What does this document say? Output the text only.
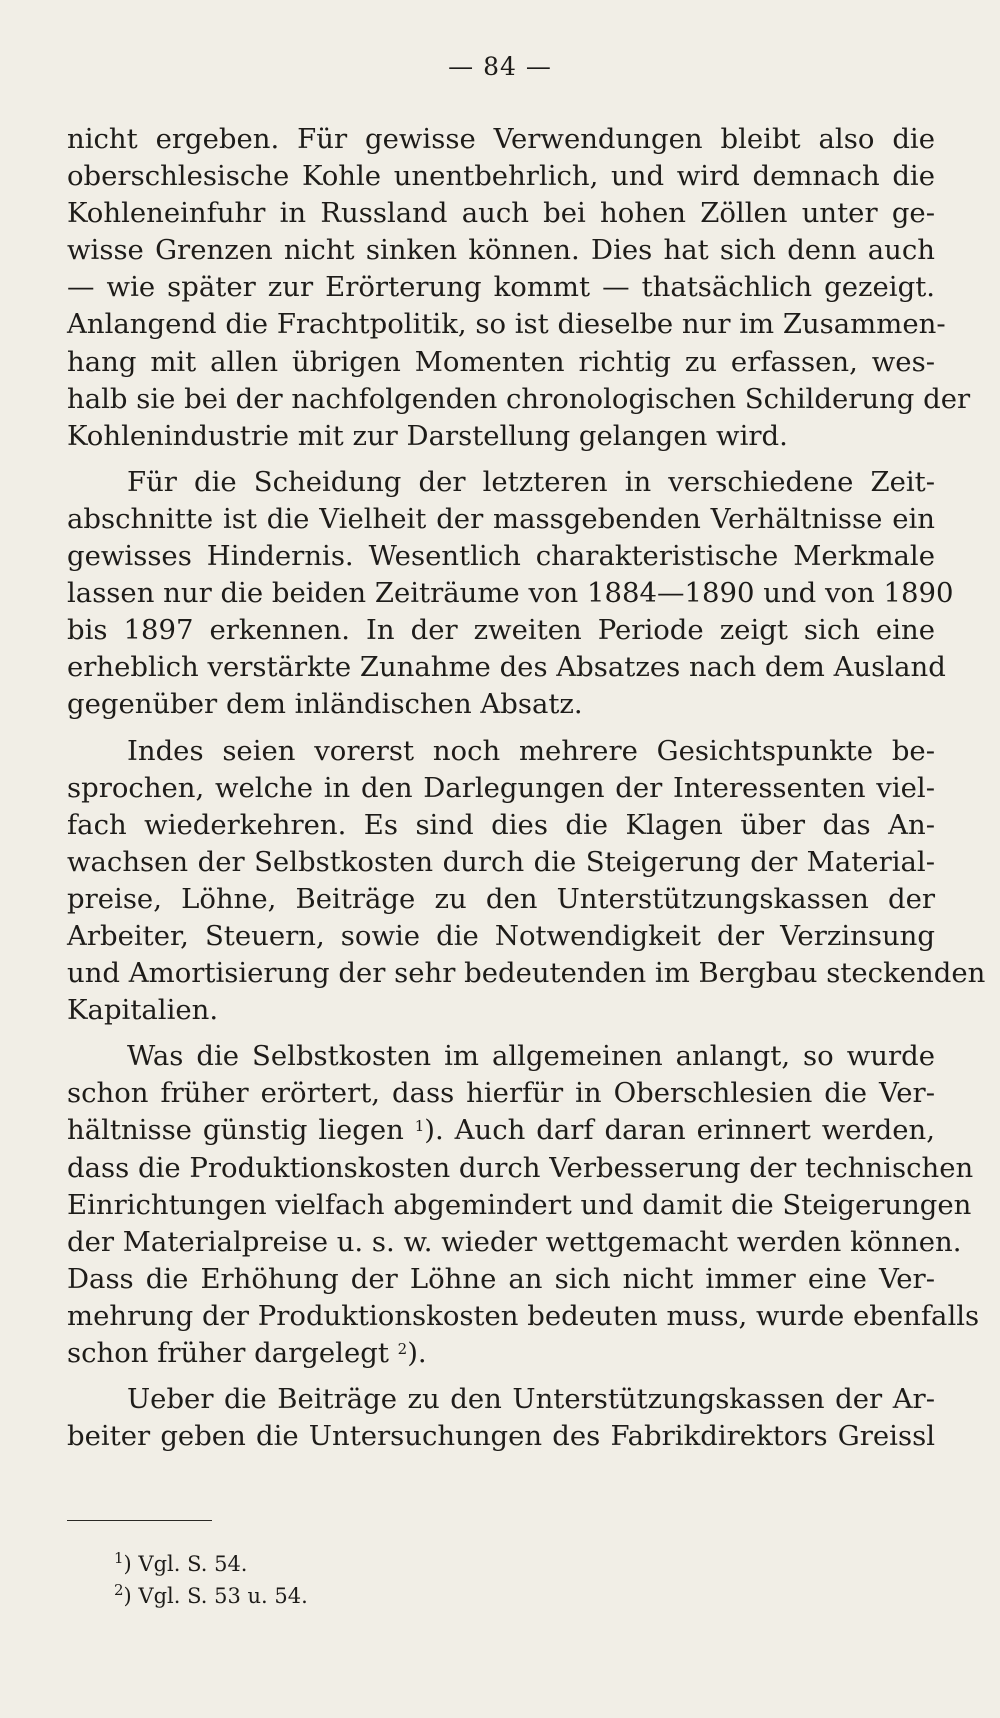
— 84 —
nicht ergeben. Für gewisse Verwendungen bleibt also die
oberschlesische Kohle unentbehrlich, und wird demnach die
Kohleneinfuhr in Russland auch bei hohen Zöllen unter ge-
wisse Grenzen nicht sinken können. Dies hat sich denn auch
— wie später zur Erörterung kommt — thatsächlich gezeigt.
Anlangend die Frachtpolitik, so ist dieselbe nur im Zusammen-
hang mit allen übrigen Momenten richtig zu erfassen, wes-
halb sie bei der nachfolgenden chronologischen Schilderung der
Kohlenindustrie mit zur Darstellung gelangen wird.
Für die Scheidung der letzteren in verschiedene Zeit-
abschnitte ist die Vielheit der massgebenden Verhältnisse ein
gewisses Hindernis. Wesentlich charakteristische Merkmale
lassen nur die beiden Zeiträume von 1884—1890 und von 1890
bis 1897 erkennen. In der zweiten Periode zeigt sich eine
erheblich verstärkte Zunahme des Absatzes nach dem Ausland
gegenüber dem inländischen Absatz.
Indes seien vorerst noch mehrere Gesichtspunkte be-
sprochen, welche in den Darlegungen der Interessenten viel-
fach wiederkehren. Es sind dies die Klagen über das An-
wachsen der Selbstkosten durch die Steigerung der Material-
preise, Löhne, Beiträge zu den Unterstützungskassen der
Arbeiter, Steuern, sowie die Notwendigkeit der Verzinsung
und Amortisierung der sehr bedeutenden im Bergbau steckenden
Kapitalien.
Was die Selbstkosten im allgemeinen anlangt, so wurde
schon früher erörtert, dass hierfür in Oberschlesien die Ver-
hältnisse günstig liegen $^1$). Auch darf daran erinnert werden,
dass die Produktionskosten durch Verbesserung der technischen
Einrichtungen vielfach abgemindert und damit die Steigerungen
der Materialpreise u. s. w. wieder wettgemacht werden können.
Dass die Erhöhung der Löhne an sich nicht immer eine Ver-
mehrung der Produktionskosten bedeuten muss, wurde ebenfalls
schon früher dargelegt $^2$).
Ueber die Beiträge zu den Unterstützungskassen der Ar-
beiter geben die Untersuchungen des Fabrikdirektors Greissl
$^1$) Vgl. S. 54.
$^2$) Vgl. S. 53 u. 54.
